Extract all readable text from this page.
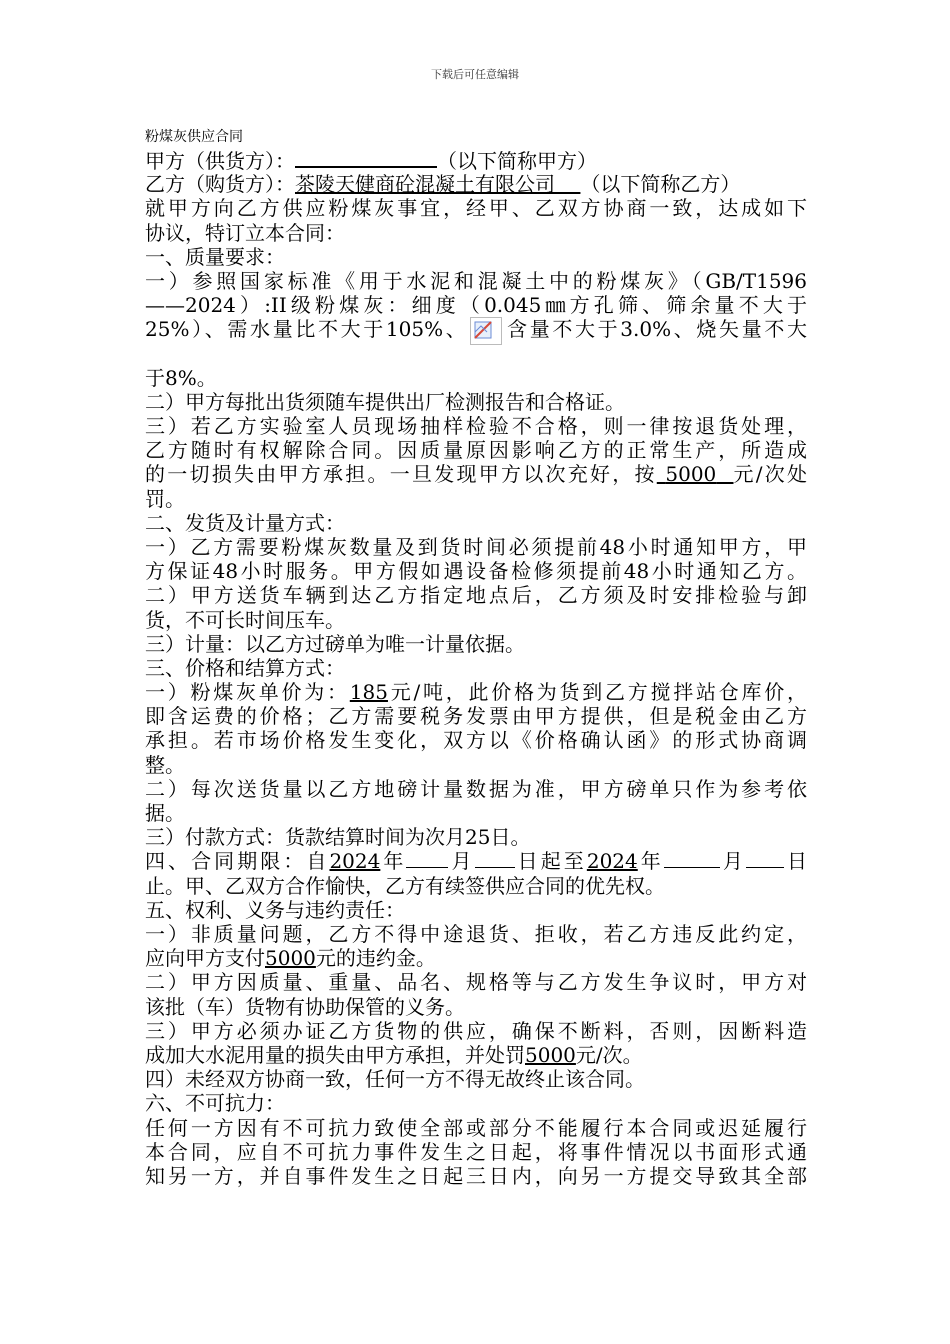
下载后可任意编辑
粉煤灰供应合同
甲方（供货方）：	（以下简称甲方）
乙方（购货方）：茶陵天健商砼混凝土有限公司 （以下简称乙方）
就甲方向乙方供应粉煤灰事宜，经甲、乙双方协商一致，达成如下
协议，特订立本合同：
一、质量要求：
一）参照国家标准《用于水泥和混凝土中的粉煤灰》（GB/T1596
——2024）:II级粉煤灰：细度（0.045㎜方孔筛、筛余量不大于
25%）、需水量比不大于105%、 含量不大于3.0%、烧矢量不大
于8%。
二）甲方每批出货须随车提供出厂检测报告和合格证。
三）若乙方实验室人员现场抽样检验不合格，则一律按退货处理，
乙方随时有权解除合同。因质量原因影响乙方的正常生产，所造成
的一切损失由甲方承担。一旦发现甲方以次充好，按 5000 元/次处
罚。
二、发货及计量方式：
一）乙方需要粉煤灰数量及到货时间必须提前48小时通知甲方，甲
方保证48小时服务。甲方假如遇设备检修须提前48小时通知乙方。
二）甲方送货车辆到达乙方指定地点后，乙方须及时安排检验与卸
货，不可长时间压车。
三）计量：以乙方过磅单为唯一计量依据。
三、价格和结算方式：
一）粉煤灰单价为：185元/吨，此价格为货到乙方搅拌站仓库价，
即含运费的价格；乙方需要税务发票由甲方提供，但是税金由乙方
承担。若市场价格发生变化，双方以《价格确认函》的形式协商调
整。
二）每次送货量以乙方地磅计量数据为准，甲方磅单只作为参考依
据。
三）付款方式：货款结算时间为次月25日。
四、合同期限：自2024年 月 日起至2024年	月 日
止。甲、乙双方合作愉快，乙方有续签供应合同的优先权。
五、权利、义务与违约责任：
一）非质量问题，乙方不得中途退货、拒收，若乙方违反此约定，
应向甲方支付5000元的违约金。
二）甲方因质量、重量、品名、规格等与乙方发生争议时，甲方对
该批（车）货物有协助保管的义务。
三）甲方必须办证乙方货物的供应，确保不断料，否则，因断料造
成加大水泥用量的损失由甲方承担，并处罚5000元/次。
四）未经双方协商一致，任何一方不得无故终止该合同。
六、不可抗力：
任何一方因有不可抗力致使全部或部分不能履行本合同或迟延履行
本合同，应自不可抗力事件发生之日起，将事件情况以书面形式通
知另一方，并自事件发生之日起三日内，向另一方提交导致其全部
